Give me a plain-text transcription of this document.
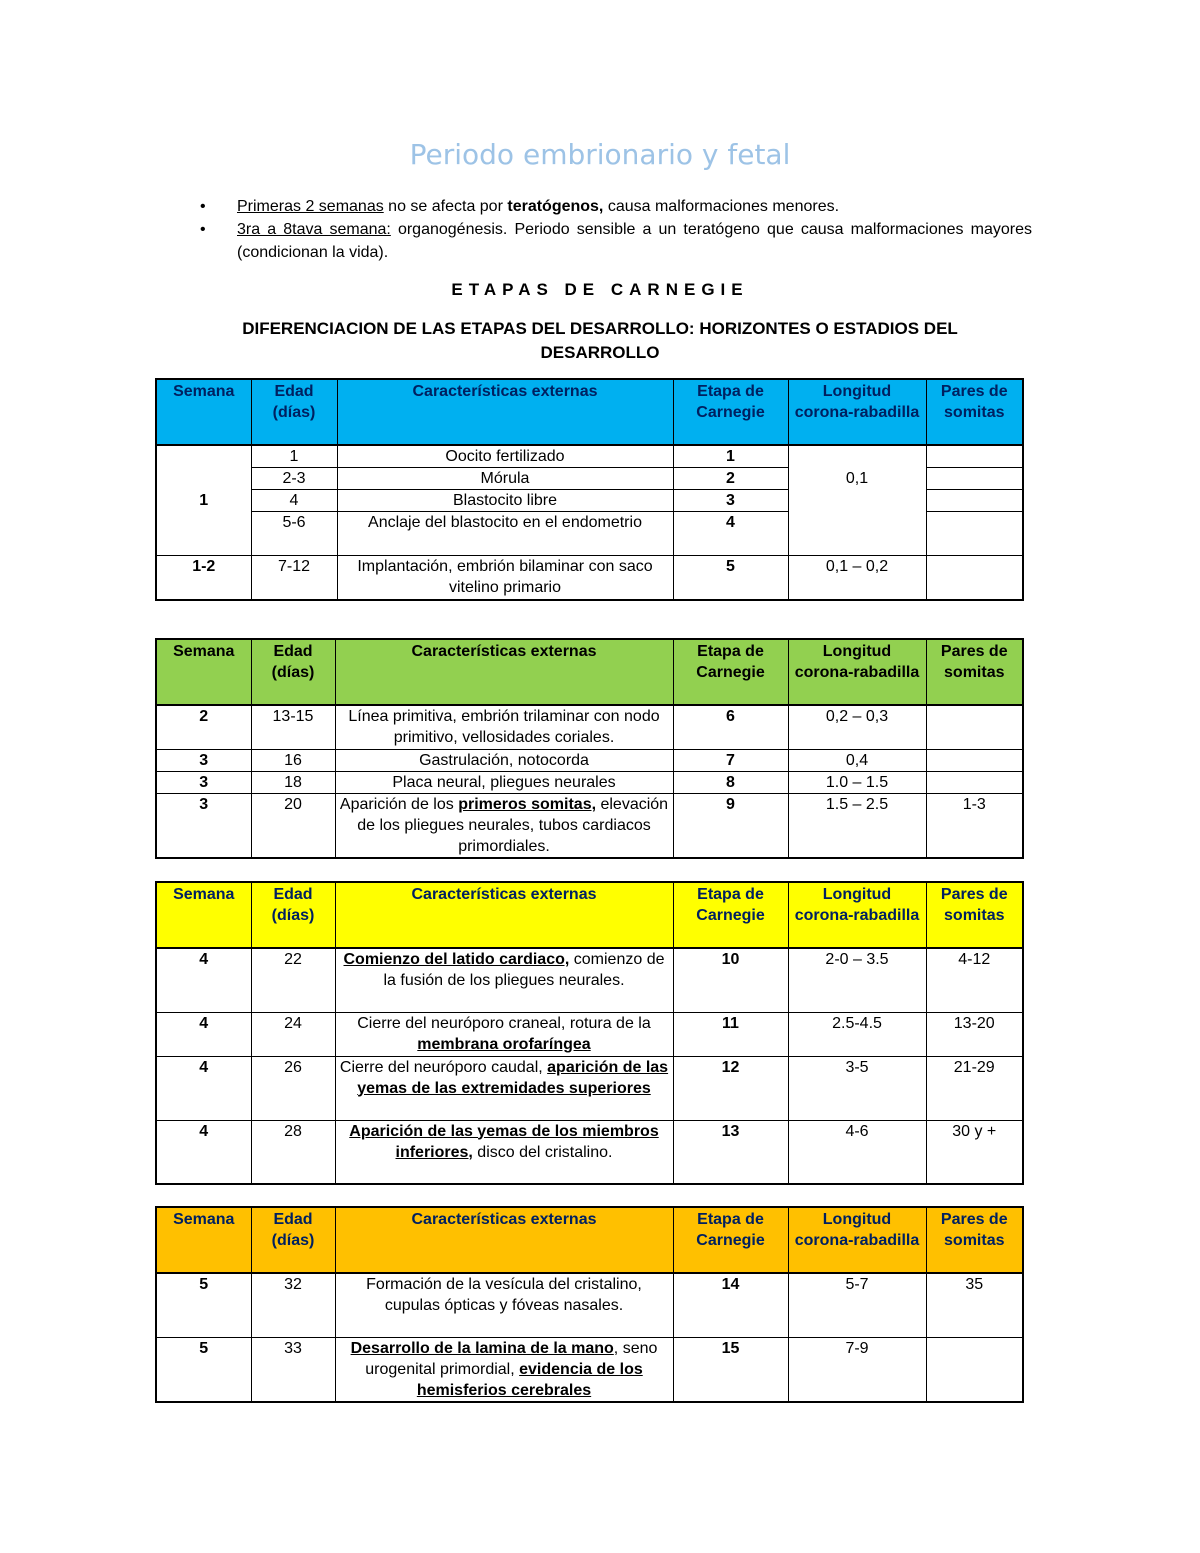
Periodo embrionario y fetal
• Primeras 2 semanas no se afecta por teratógenos, causa malformaciones menores.
• 3ra a 8tava semana: organogénesis. Periodo sensible a un teratógeno que causa malformaciones mayores (condicionan la vida).
ETAPAS DE CARNEGIE
DIFERENCIACION DE LAS ETAPAS DEL DESARROLLO: HORIZONTES O ESTADIOS DEL DESARROLLO
Semana	Edad (días)	Características externas	Etapa de Carnegie	Longitud corona-rabadilla	Pares de somitas
1	1	Oocito fertilizado	1	0,1	
	2-3	Mórula	2		
	4	Blastocito libre	3		
	5-6	Anclaje del blastocito en el endometrio	4		
1-2	7-12	Implantación, embrión bilaminar con saco vitelino primario	5	0,1 – 0,2	
Semana	Edad (días)	Características externas	Etapa de Carnegie	Longitud corona-rabadilla	Pares de somitas
2	13-15	Línea primitiva, embrión trilaminar con nodo primitivo, vellosidades coriales.	6	0,2 – 0,3	
3	16	Gastrulación, notocorda	7	0,4	
3	18	Placa neural, pliegues neurales	8	1.0 – 1.5	
3	20	Aparición de los primeros somitas, elevación de los pliegues neurales, tubos cardiacos primordiales.	9	1.5 – 2.5	1-3
Semana	Edad (días)	Características externas	Etapa de Carnegie	Longitud corona-rabadilla	Pares de somitas
4	22	Comienzo del latido cardiaco, comienzo de la fusión de los pliegues neurales.	10	2-0 – 3.5	4-12
4	24	Cierre del neuróporo craneal, rotura de la membrana orofaríngea	11	2.5-4.5	13-20
4	26	Cierre del neuróporo caudal, aparición de las yemas de las extremidades superiores	12	3-5	21-29
4	28	Aparición de las yemas de los miembros inferiores, disco del cristalino.	13	4-6	30 y +
Semana	Edad (días)	Características externas	Etapa de Carnegie	Longitud corona-rabadilla	Pares de somitas
5	32	Formación de la vesícula del cristalino, cupulas ópticas y fóveas nasales.	14	5-7	35
5	33	Desarrollo de la lamina de la mano, seno urogenital primordial, evidencia de los hemisferios cerebrales	15	7-9	
